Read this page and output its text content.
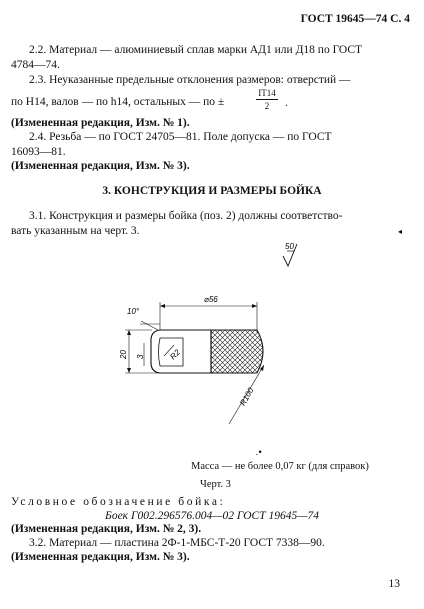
ГОСТ 19645—74 С. 4
2.2. Материал — алюминиевый сплав марки АД1 или Д18 по ГОСТ
4784—74.
2.3. Неуказанные предельные отклонения размеров: отверстий —
по Н14, валов — по h14, остальных — по ±
IT14
2	.
(Измененная редакция, Изм. № 1).
2.4. Резьба — по ГОСТ 24705—81. Поле допуска — по ГОСТ
16093—81.
(Измененная редакция, Изм. № 3).
3. КОНСТРУКЦИЯ И РАЗМЕРЫ БОЙКА
3.1. Конструкция и размеры бойка (поз. 2) должны соответство-
вать указанным на черт. 3.
50
◂
⌀56
10°
20 3	R2
R100
.•
Масса — не более 0,07 кг (для справок)
Черт. 3
Условное обозначение бойка:
Боек Г002.296576.004—02 ГОСТ 19645—74
(Измененная редакция, Изм. № 2, 3).
3.2. Материал — пластина 2Ф-1-МБС-Т-20 ГОСТ 7338—90.
(Измененная редакция, Изм. № 3).
13
